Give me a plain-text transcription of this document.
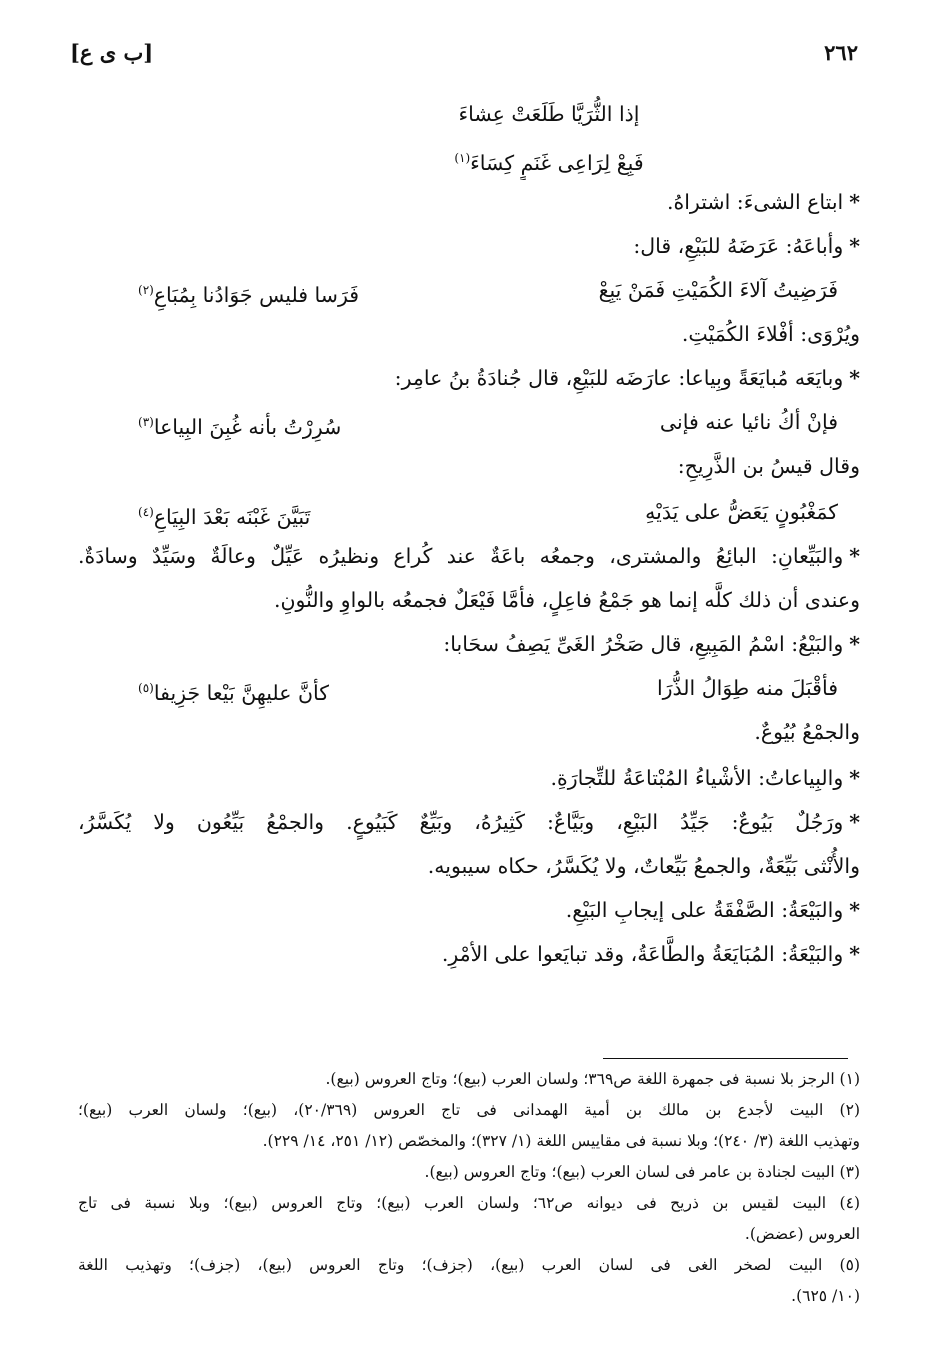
٢٦٢
[ب ى ع]
إذا الثُّرَيَّا طَلَعَتْ عِشاءَ
فَبِعْ لِرَاعِى غَنَمٍ كِسَاءَ$^{(١)}$
*ابتاع الشىءَ: اشتراهُ.
*وأباعَهُ: عَرَضَهُ للبَيْعِ، قال:
فَرَضِيتُ آلاءَ الكُمَيْتِ فَمَنْ يَبِعْ
فَرَسا فليس جَوَادُنا بِمُبَاعِ$^{(٢)}$
ويُرْوَى: أفْلاءَ الكُمَيْتِ.
*وبايَعَه مُبايَعَةً وبِياعا: عارَضَه للبَيْعِ، قال جُنادَةُ بنُ عامِر:
فإنْ أكُ نائيا عنه فإنى
سُرِرْتُ بأنه غُبِنَ البِياعا$^{(٣)}$
وقال قيسُ بن الذَّرِيحِ:
كمَغْبُونٍ يَعَضُّ على يَدَيْهِ
تَبَيَّنَ غَبْنَه بَعْدَ البِيَاعِ$^{(٤)}$
*والبَيِّعانِ: البائِعُ والمشترى، وجمعُه باعَةٌ عند كُراع ونظيرُه عَيِّلٌ وعالَةٌ وسَيِّدٌ وسادَةٌ.
وعندى أن ذلك كلَّه إنما هو جَمْعُ فاعِلٍ، فأمَّا فَيْعَلٌ فجمعُه بالواوِ والنُّونِ.
*والبَيْعُ: اسْمُ المَبِيعِ، قال صَخْرُ الغَىِّ يَصِفُ سحَابا:
فأقْبَلَ منه طِوَالُ الذُّرَا
كأنَّ عليهِنَّ بَيْعا جَزِيفا$^{(٥)}$
والجمْعُ بُيُوعٌ.
*والبِياعاتُ: الأشْياءُ المُبْتاعَةُ للتِّجارَةِ.
*ورَجُلٌ بَيُوعٌ: جَيِّدُ البَيْعِ، وبَيَّاعٌ: كَثِيرُهُ، وبَيِّعٌ كَبَيُوعٍ. والجمْعُ بَيِّعُون ولا يُكَسَّرُ،
والأُنْثى بَيِّعَةٌ، والجمعُ بَيِّعاتٌ، ولا يُكَسَّرُ، حكاه سيبويه.
*والبَيْعَةُ: الصَّفْقَةُ على إيجابِ البَيْعِ.
*والبَيْعَةُ: المُبَايَعَةُ والطَّاعَةُ، وقد تبايَعوا على الأمْرِ.
(١) الرجز بلا نسبة فى جمهرة اللغة ص٣٦٩؛ ولسان العرب (بيع)؛ وتاج العروس (بيع).
(٢) البيت لأجدع بن مالك بن أمية الهمدانى فى تاج العروس (٢٠/٣٦٩)، (بيع)؛ ولسان العرب (بيع)؛
وتهذيب اللغة (٣/ ٢٤٠)؛ وبلا نسبة فى مقاييس اللغة (١/ ٣٢٧)؛ والمخصّص (١٢/ ٢٥١، ١٤/ ٢٢٩).
(٣) البيت لجنادة بن عامر فى لسان العرب (بيع)؛ وتاج العروس (بيع).
(٤) البيت لقيس بن ذريح فى ديوانه ص٦٢؛ ولسان العرب (بيع)؛ وتاج العروس (بيع)؛ وبلا نسبة فى تاج
العروس (عضض).
(٥) البيت لصخر الغى فى لسان العرب (بيع)، (جزف)؛ وتاج العروس (بيع)، (جزف)؛ وتهذيب اللغة
(١٠/ ٦٢٥).
